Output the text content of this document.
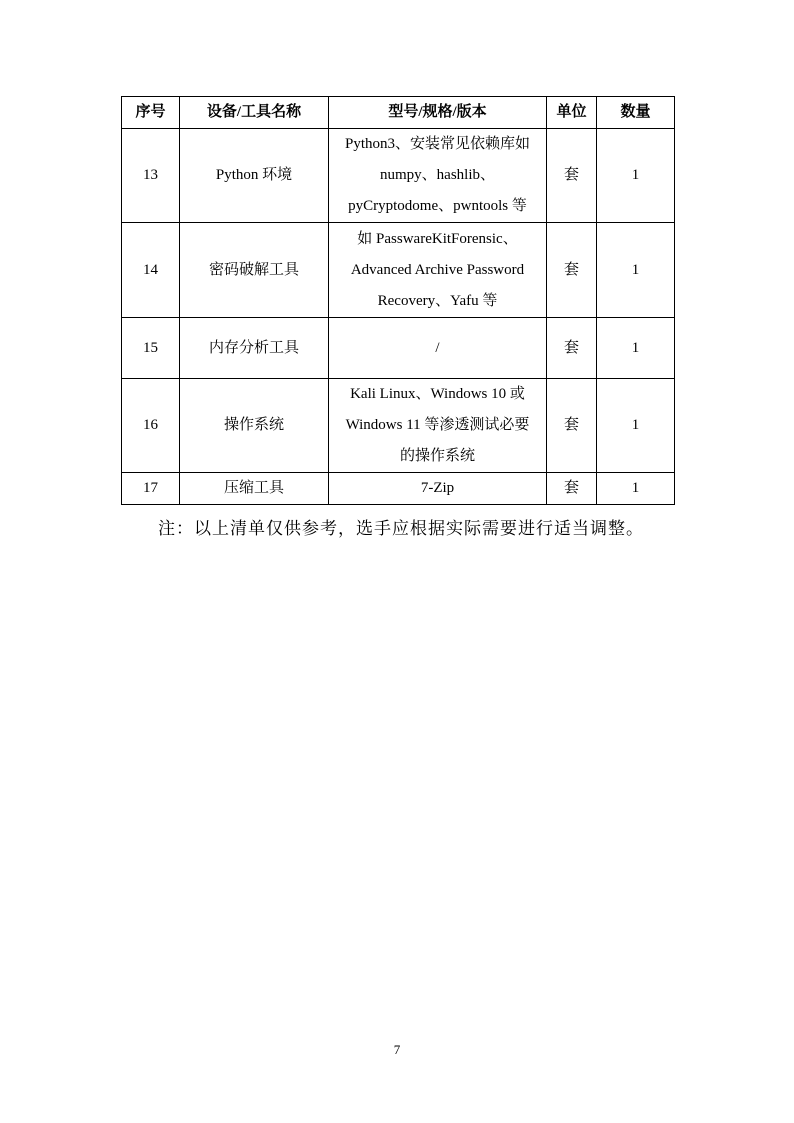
序号	设备/工具名称	型号/规格/版本	单位	数量
13	Python 环境	Python3、安装常见依赖库如
numpy、hashlib、
pyCryptodome、pwntools 等	套	1
14	密码破解工具	如 PasswareKitForensic、
Advanced Archive Password
Recovery、Yafu 等	套	1
15	内存分析工具	/	套	1
16	操作系统	Kali Linux、Windows 10 或
Windows 11 等渗透测试必要
的操作系统	套	1
17	压缩工具	7-Zip	套	1
注：以上清单仅供参考，选手应根据实际需要进行适当调整。
7
